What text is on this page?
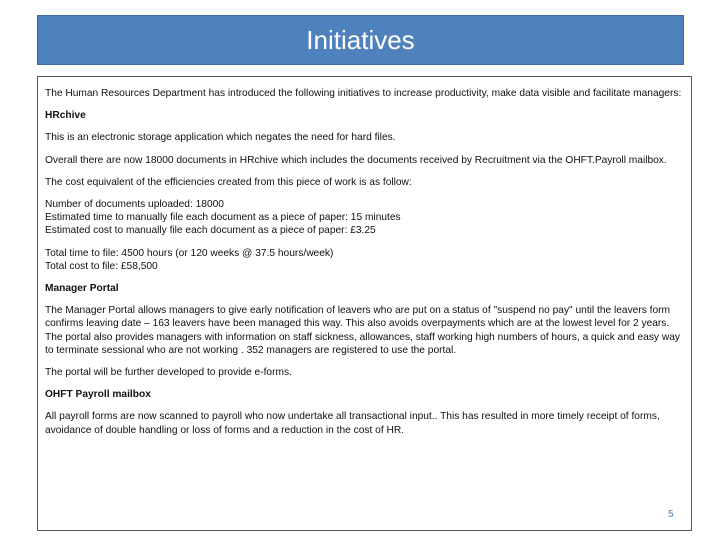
Initiatives

The Human Resources Department has introduced the following initiatives to increase productivity, make data visible and facilitate managers:

HRchive

This is an electronic storage application which negates the need for hard files.

Overall there are now 18000 documents in HRchive which includes the documents received by Recruitment via the OHFT.Payroll mailbox.

The cost equivalent of the efficiencies created from this piece of work is as follow:

Number of documents uploaded: 18000

Estimated time to manually file each document as a piece of paper: 15 minutes

Estimated cost to manually file each document as a piece of paper: £3.25

Total time to file: 4500 hours (or 120 weeks @ 37.5 hours/week)

Total cost to file: £58,500

Manager Portal

The Manager Portal allows managers to give early notification of leavers who are put on a status of "suspend no pay" until the leavers form confirms leaving date – 163 leavers have been managed this way. This also avoids overpayments which are at the lowest level for 2 years. The portal also provides managers with information on staff sickness, allowances, staff working high numbers of hours, a quick and easy way to terminate sessional who are not working . 352 managers are registered to use the portal.

The portal will be further developed to provide e-forms.

OHFT Payroll mailbox

All payroll forms are now scanned to payroll who now undertake all transactional input.. This has resulted in more timely receipt of forms, avoidance of double handling or loss of forms and a reduction in the cost of HR.

5
